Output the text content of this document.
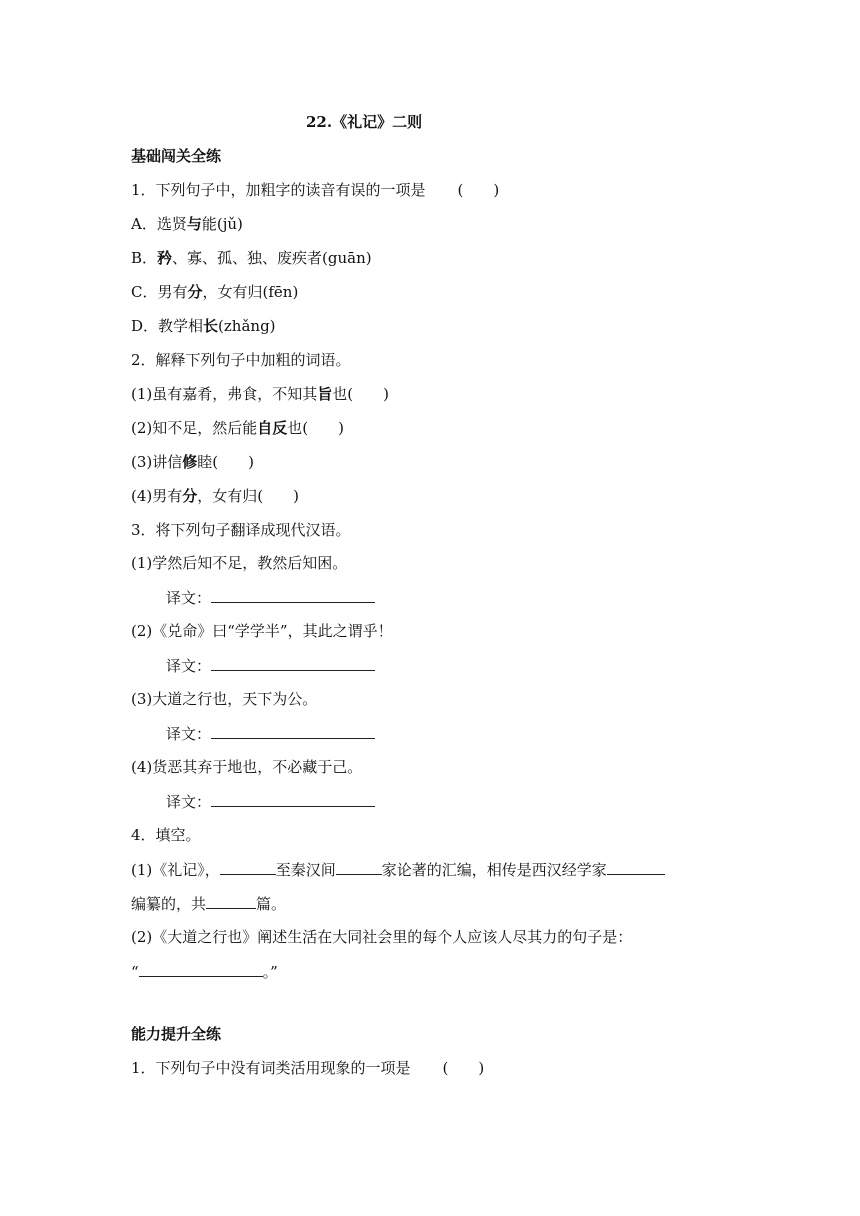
22.《礼记》二则
基础闯关全练
1．下列句子中，加粗字的读音有误的一项是 (　　)
A．选贤与能(jǔ)
B．矜、寡、孤、独、废疾者(guān)
C．男有分，女有归(fēn)
D．教学相长(zhǎng)
2．解释下列句子中加粗的词语。
(1)虽有嘉肴，弗食，不知其旨也(　　)
(2)知不足，然后能自反也(　　)
(3)讲信修睦(　　)
(4)男有分，女有归(　　)
3．将下列句子翻译成现代汉语。
(1)学然后知不足，教然后知困。
译文：
(2)《兑命》曰“学学半”，其此之谓乎！
译文：
(3)大道之行也，天下为公。
译文：
(4)货恶其弃于地也，不必藏于己。
译文：
4．填空。
(1)《礼记》，	至秦汉间	家论著的汇编，相传是西汉经学家
编纂的，共	篇。
(2)《大道之行也》阐述生活在大同社会里的每个人应该人尽其力的句子是：
“	。”
能力提升全练
1．下列句子中没有词类活用现象的一项是 (　　)
